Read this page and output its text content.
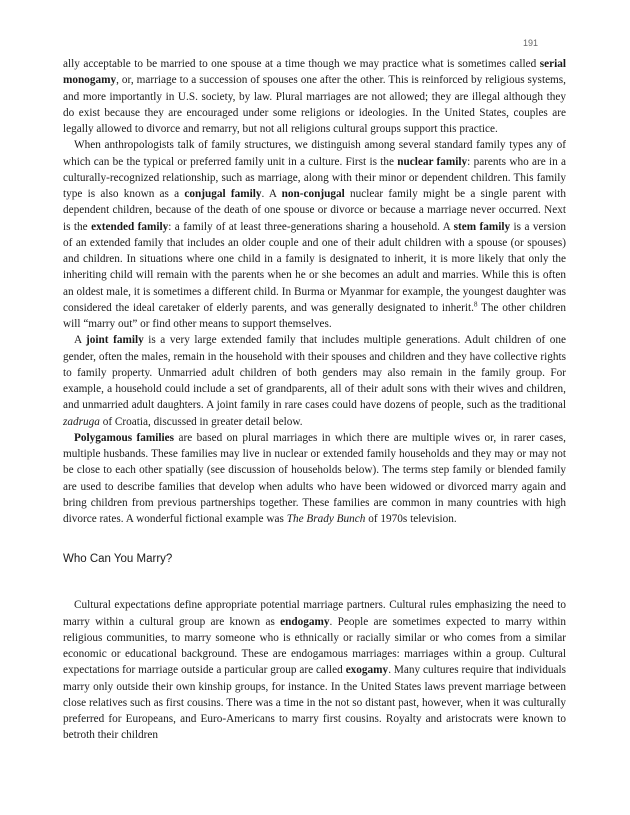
191

ally acceptable to be married to one spouse at a time though we may practice what is sometimes called serial monogamy, or, marriage to a succession of spouses one after the other. This is reinforced by religious systems, and more importantly in U.S. society, by law. Plural marriages are not allowed; they are illegal although they do exist because they are encouraged under some religions or ideologies. In the United States, couples are legally allowed to divorce and remarry, but not all religions cultural groups support this practice.

When anthropologists talk of family structures, we distinguish among several standard family types any of which can be the typical or preferred family unit in a culture. First is the nuclear family: parents who are in a culturally-recognized relationship, such as marriage, along with their minor or dependent children. This family type is also known as a conjugal family. A non-conjugal nuclear family might be a single parent with dependent children, because of the death of one spouse or divorce or because a marriage never occurred. Next is the extended family: a family of at least three-generations sharing a household. A stem family is a version of an extended family that includes an older couple and one of their adult children with a spouse (or spouses) and children. In situations where one child in a family is designated to inherit, it is more likely that only the inheriting child will remain with the parents when he or she becomes an adult and marries. While this is often an oldest male, it is sometimes a different child. In Burma or Myanmar for example, the youngest daughter was considered the ideal caretaker of elderly parents, and was generally designated to inherit.$^8$ The other children will “marry out” or find other means to support themselves.

A joint family is a very large extended family that includes multiple generations. Adult children of one gender, often the males, remain in the household with their spouses and children and they have collective rights to family property. Unmarried adult children of both genders may also remain in the family group. For example, a household could include a set of grandparents, all of their adult sons with their wives and children, and unmarried adult daughters. A joint family in rare cases could have dozens of people, such as the traditional zadruga of Croatia, discussed in greater detail below.

Polygamous families are based on plural marriages in which there are multiple wives or, in rarer cases, multiple husbands. These families may live in nuclear or extended family households and they may or may not be close to each other spatially (see discussion of households below). The terms step family or blended family are used to describe families that develop when adults who have been widowed or divorced marry again and bring children from previous partnerships together. These families are common in many countries with high divorce rates. A wonderful fictional example was The Brady Bunch of 1970s television.

Who Can You Marry?

Cultural expectations define appropriate potential marriage partners. Cultural rules emphasizing the need to marry within a cultural group are known as endogamy. People are sometimes expected to marry within religious communities, to marry someone who is ethnically or racially similar or who comes from a similar economic or educational background. These are endogamous marriages: marriages within a group. Cultural expectations for marriage outside a particular group are called exogamy. Many cultures require that individuals marry only outside their own kinship groups, for instance. In the United States laws prevent marriage between close relatives such as first cousins. There was a time in the not so distant past, however, when it was culturally preferred for Europeans, and Euro-Americans to marry first cousins. Royalty and aristocrats were known to betroth their children
